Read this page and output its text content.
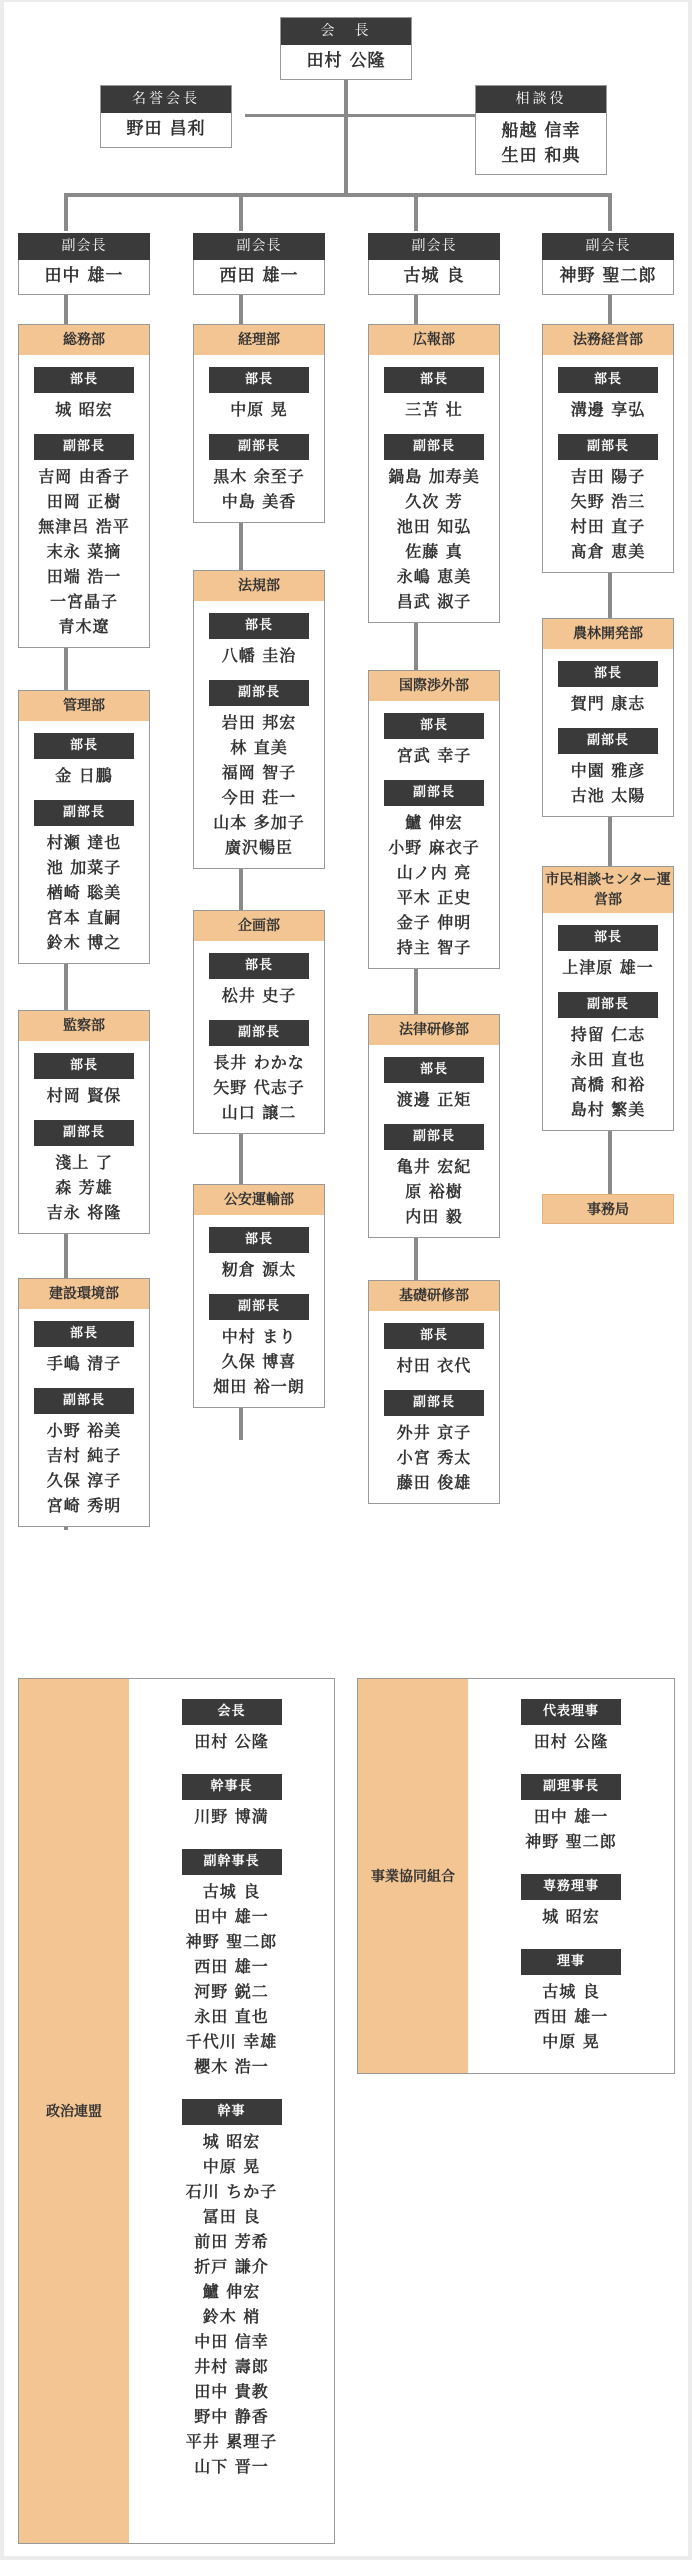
会　長
田村 公隆
名誉会長
野田 昌利
相談役
船越 信幸
生田 和典
副会長
田中 雄一
副会長
西田 雄一
副会長
古城 良
副会長
神野 聖二郎
総務部
部長
城 昭宏
副部長
吉岡 由香子
田岡 正樹
無津呂 浩平
末永 菜摘
田端 浩一
一宮晶子
青木遼
管理部
部長
金 日鵬
副部長
村瀬 達也
池 加菜子
楢崎 聡美
宮本 直嗣
鈴木 博之
監察部
部長
村岡 賢保
副部長
淺上 了
森 芳雄
吉永 将隆
建設環境部
部長
手嶋 清子
副部長
小野 裕美
吉村 純子
久保 淳子
宮崎 秀明
経理部
部長
中原 晃
副部長
黒木 余至子
中島 美香
法規部
部長
八幡 圭治
副部長
岩田 邦宏
林 直美
福岡 智子
今田 荘一
山本 多加子
廣沢暢臣
企画部
部長
松井 史子
副部長
長井 わかな
矢野 代志子
山口 譲二
公安運輸部
部長
籾倉 源太
副部長
中村 まり
久保 博喜
畑田 裕一朗
広報部
部長
三苫 壮
副部長
鍋島 加寿美
久次 芳
池田 知弘
佐藤 真
永嶋 恵美
昌武 淑子
国際渉外部
部長
宮武 幸子
副部長
鱸 伸宏
小野 麻衣子
山ノ内 亮
平木 正史
金子 伸明
持主 智子
法律研修部
部長
渡邊 正矩
副部長
亀井 宏紀
原 裕樹
内田 毅
基礎研修部
部長
村田 衣代
副部長
外井 京子
小宮 秀太
藤田 俊雄
法務経営部
部長
溝邊 享弘
副部長
吉田 陽子
矢野 浩三
村田 直子
髙倉 恵美
農林開発部
部長
賀門 康志
副部長
中園 雅彦
古池 太陽
市民相談センター運営部
部長
上津原 雄一
副部長
持留 仁志
永田 直也
高橋 和裕
島村 繁美
事務局
政治連盟
会長
田村 公隆
幹事長
川野 博満
副幹事長
古城 良
田中 雄一
神野 聖二郎
西田 雄一
河野 鋭二
永田 直也
千代川 幸雄
櫻木 浩一
幹事
城 昭宏
中原 晃
石川 ちか子
冨田 良
前田 芳希
折戸 謙介
鱸 伸宏
鈴木 梢
中田 信幸
井村 壽郎
田中 貴教
野中 静香
平井 累理子
山下 晋一
事業協同組合
代表理事
田村 公隆
副理事長
田中 雄一
神野 聖二郎
専務理事
城 昭宏
理事
古城 良
西田 雄一
中原 晃
